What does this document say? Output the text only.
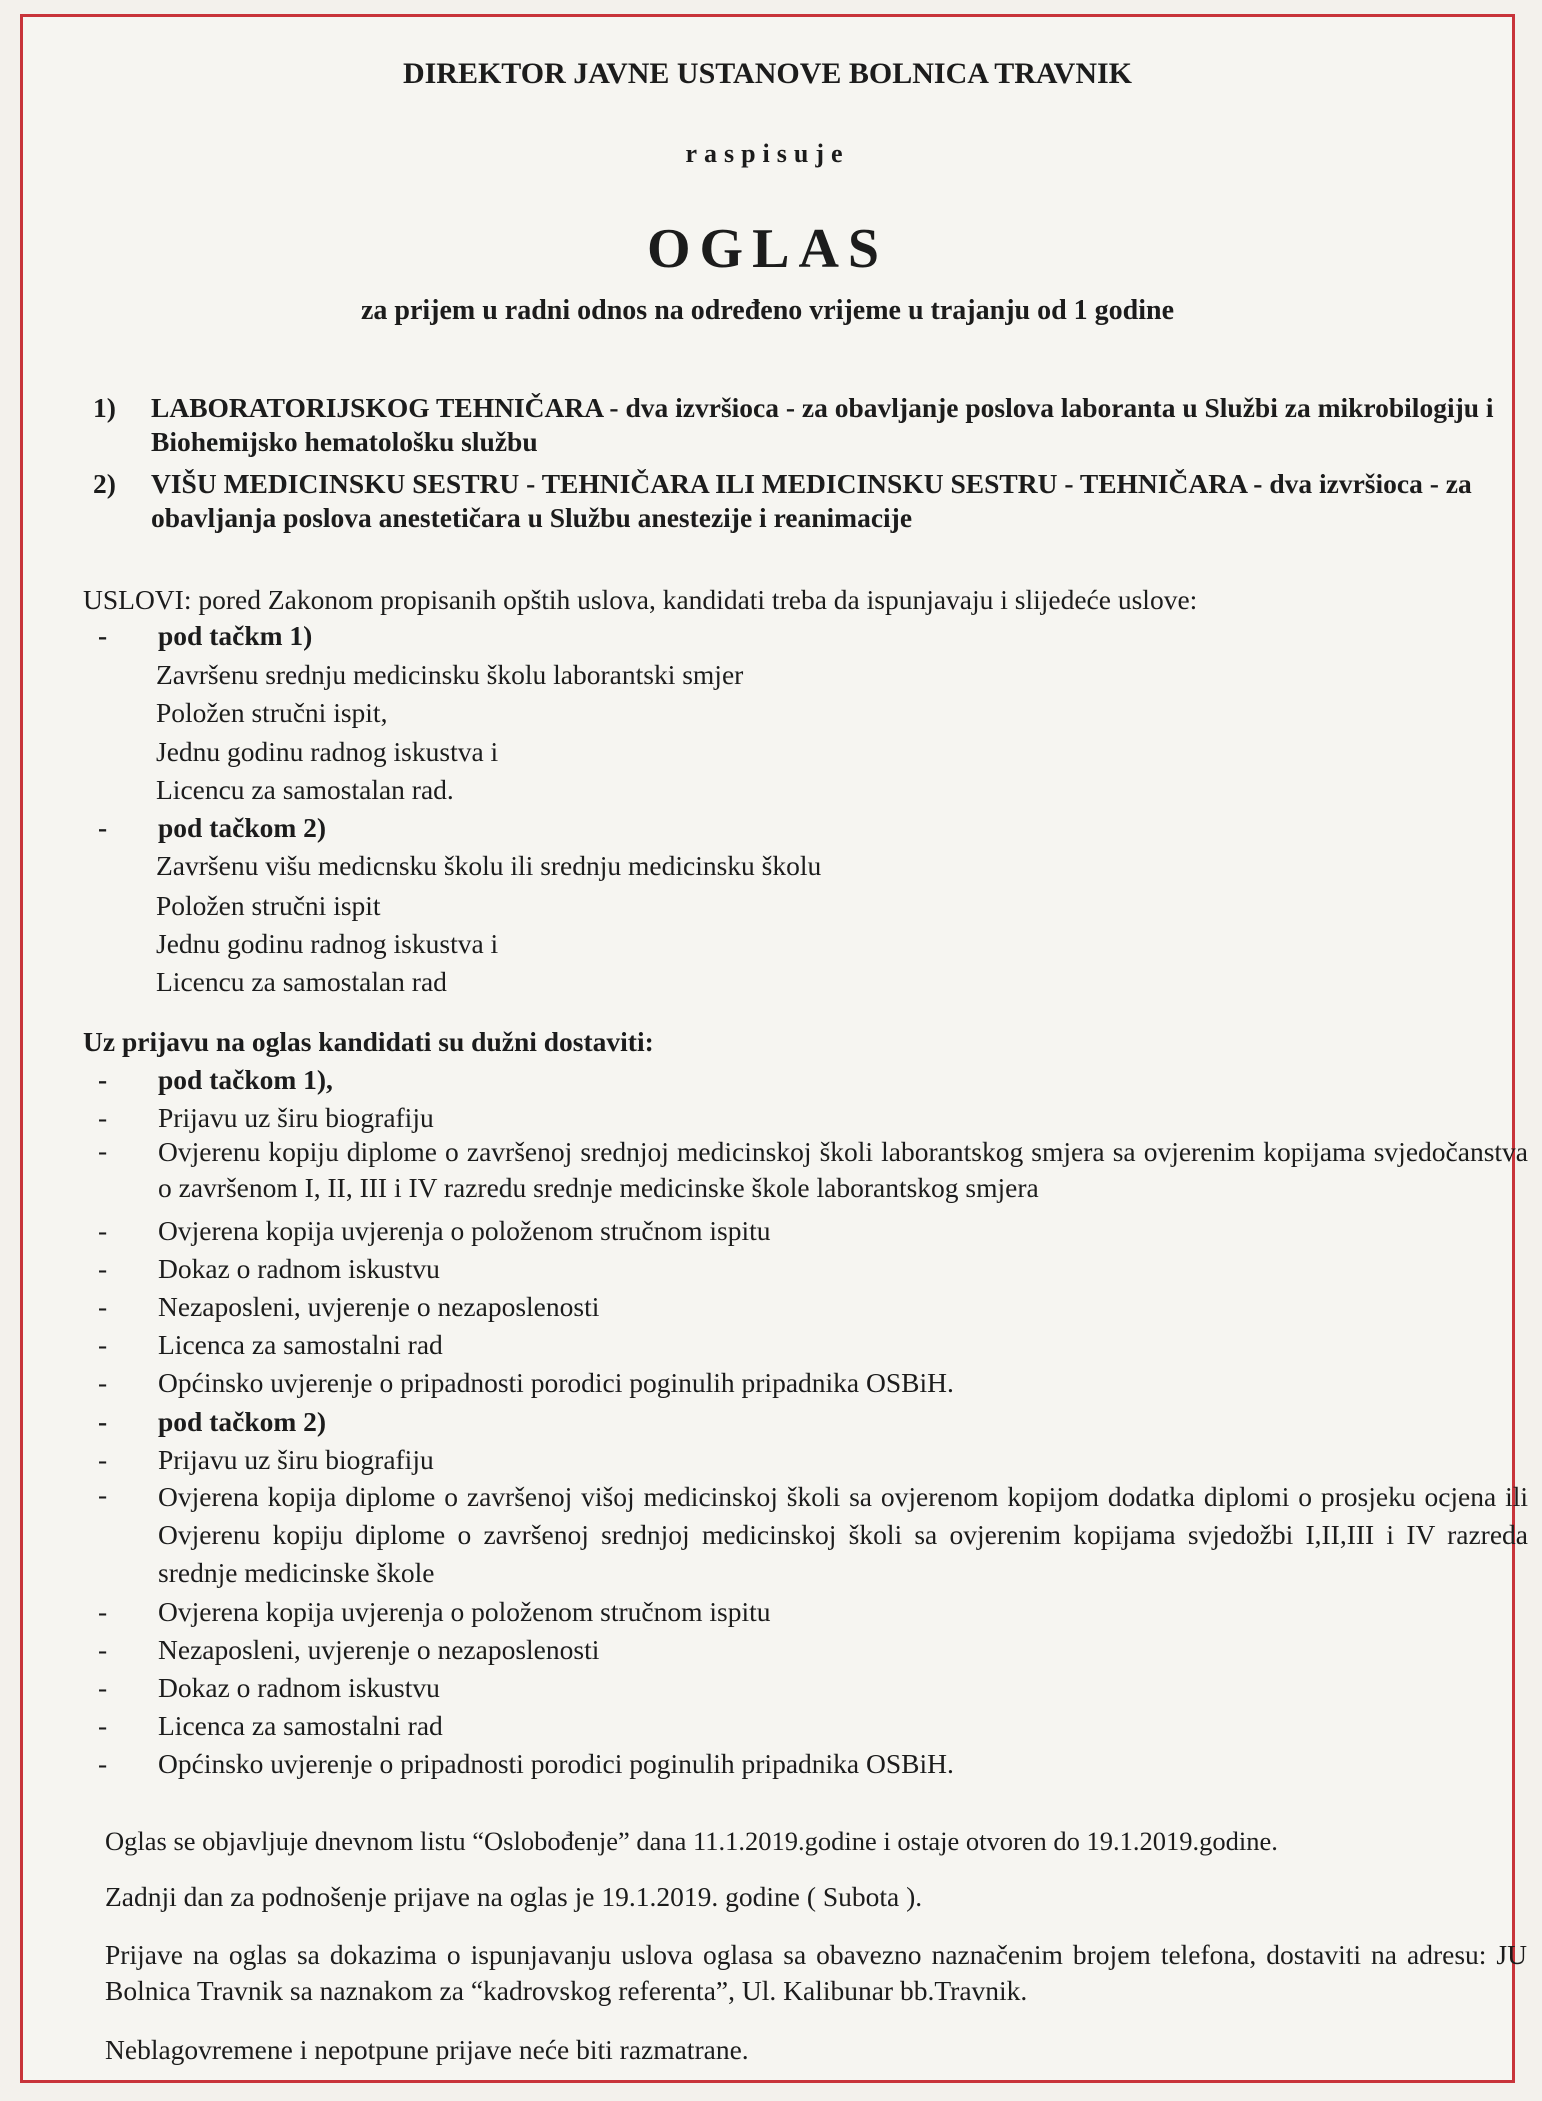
DIREKTOR JAVNE USTANOVE BOLNICA TRAVNIK
raspisuje
OGLAS
za prijem u radni odnos na određeno vrijeme u trajanju od 1 godine
1) LABORATORIJSKOG TEHNIČARA - dva izvršioca - za obavljanje poslova laboranta u Službi za mikrobilogiju i Biohemijsko hematološku službu
2) VIŠU MEDICINSKU SESTRU - TEHNIČARA ILI MEDICINSKU SESTRU - TEHNIČARA - dva izvršioca - za obavljanja poslova anestetičara u Službu anestezije i reanimacije
USLOVI: pored Zakonom propisanih opštih uslova, kandidati treba da ispunjavaju i slijedeće uslove:
- pod tačkm 1)
Završenu srednju medicinsku školu laborantski smjer
Položen stručni ispit,
Jednu godinu radnog iskustva i
Licencu za samostalan rad.
- pod tačkom 2)
Završenu višu medicnsku školu ili srednju medicinsku školu
Položen stručni ispit
Jednu godinu radnog iskustva i
Licencu za samostalan rad
Uz prijavu na oglas kandidati su dužni dostaviti:
- pod tačkom 1),
- Prijavu uz širu biografiju
- Ovjerenu kopiju diplome o završenoj srednjoj medicinskoj školi laborantskog smjera sa ovjerenim kopijama svjedočanstva o završenom I, II, III i IV razredu srednje medicinske škole laborantskog smjera
- Ovjerena kopija uvjerenja o položenom stručnom ispitu
- Dokaz o radnom iskustvu
- Nezaposleni, uvjerenje o nezaposlenosti
- Licenca za samostalni rad
- Općinsko uvjerenje o pripadnosti porodici poginulih pripadnika OSBiH.
- pod tačkom 2)
- Prijavu uz širu biografiju
- Ovjerena kopija diplome o završenoj višoj medicinskoj školi sa ovjerenom kopijom dodatka diplomi o prosjeku ocjena ili Ovjerenu kopiju diplome o završenoj srednjoj medicinskoj školi sa ovjerenim kopijama svjedožbi I,II,III i IV razreda srednje medicinske škole
- Ovjerena kopija uvjerenja o položenom stručnom ispitu
- Nezaposleni, uvjerenje o nezaposlenosti
- Dokaz o radnom iskustvu
- Licenca za samostalni rad
- Općinsko uvjerenje o pripadnosti porodici poginulih pripadnika OSBiH.
Oglas se objavljuje dnevnom listu “Oslobođenje” dana 11.1.2019.godine i ostaje otvoren do 19.1.2019.godine.
Zadnji dan za podnošenje prijave na oglas je 19.1.2019. godine ( Subota ).
Prijave na oglas sa dokazima o ispunjavanju uslova oglasa sa obavezno naznačenim brojem telefona, dostaviti na adresu: JU Bolnica Travnik sa naznakom za “kadrovskog referenta”, Ul. Kalibunar bb.Travnik.
Neblagovremene i nepotpune prijave neće biti razmatrane.
